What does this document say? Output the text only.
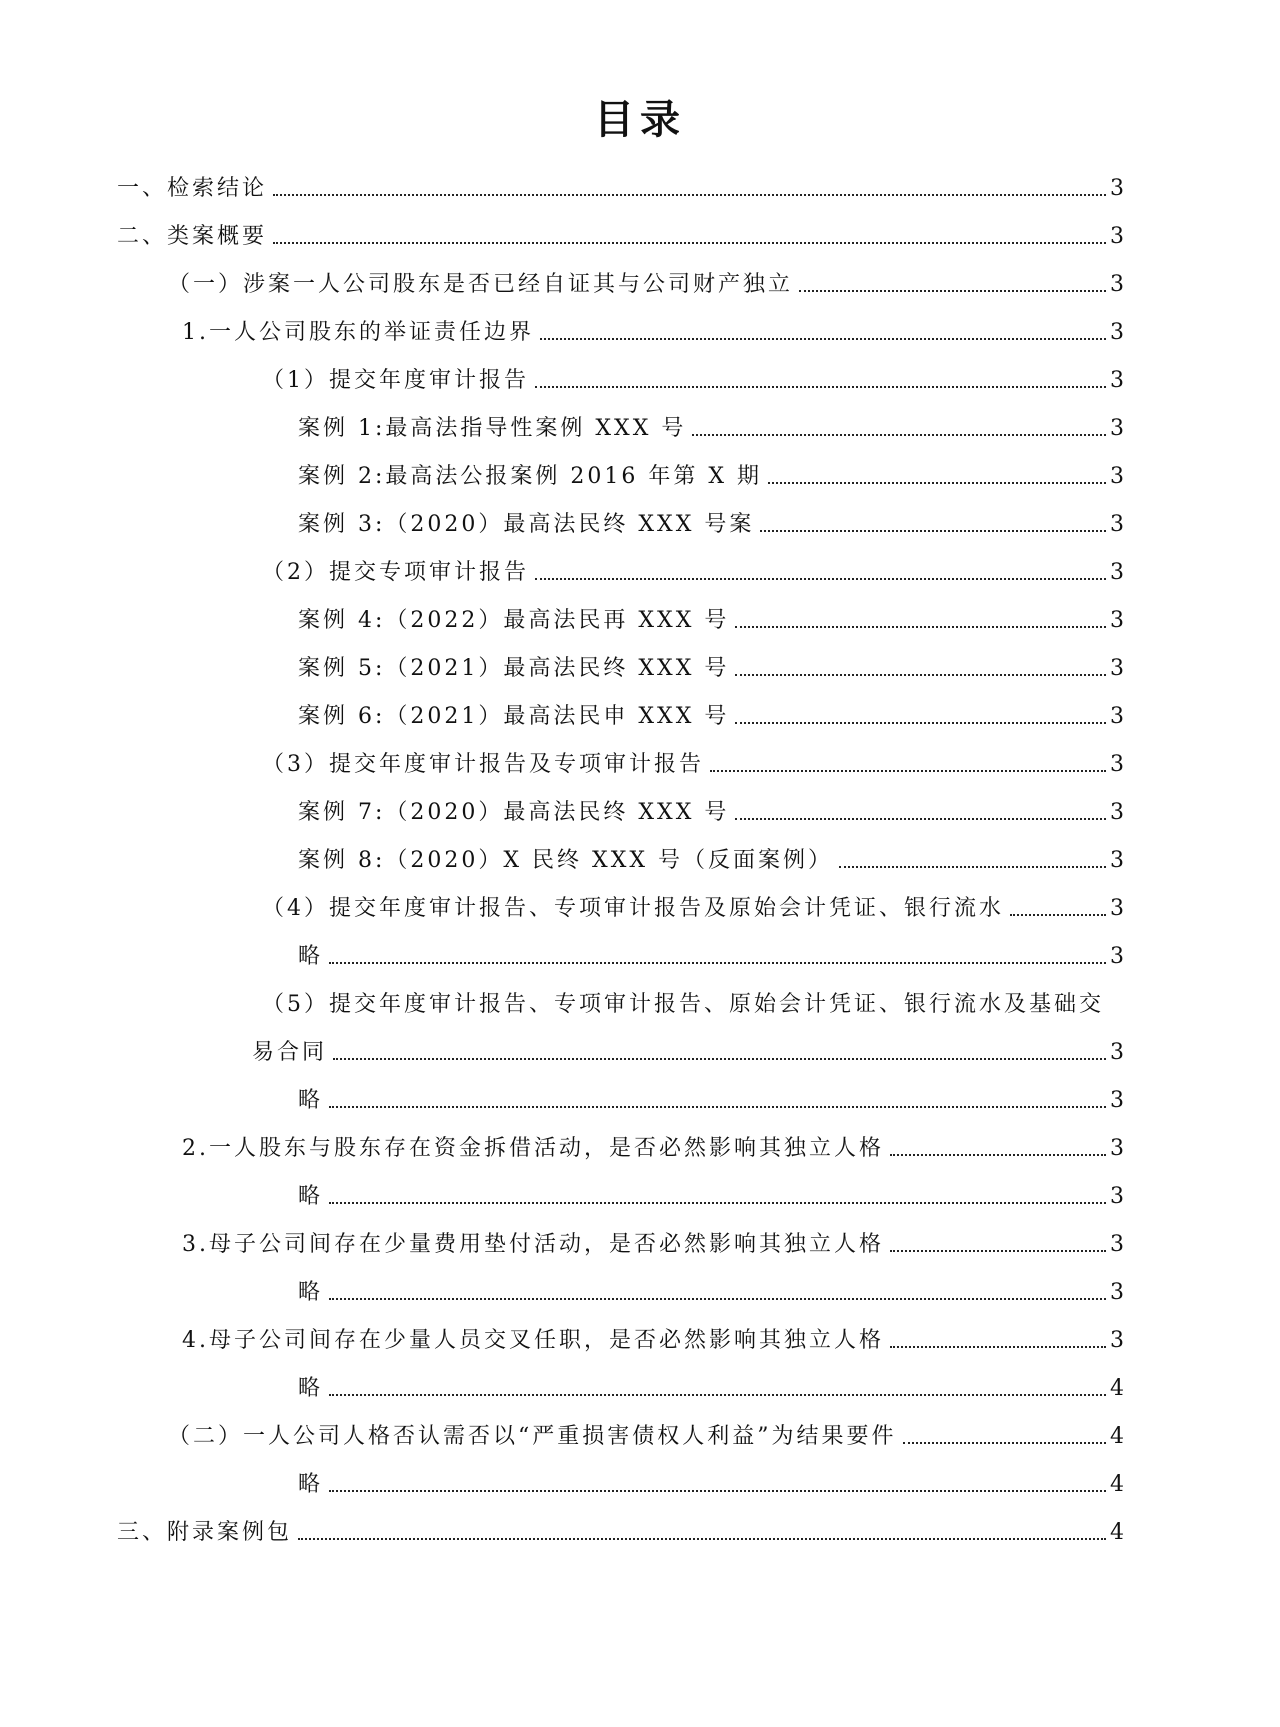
目录
一、检索结论	3
二、类案概要	3
（一）涉案一人公司股东是否已经自证其与公司财产独立	3
1.一人公司股东的举证责任边界	3
（1）提交年度审计报告	3
案例 1:最高法指导性案例 XXX 号	3
案例 2:最高法公报案例 2016 年第 X 期	3
案例 3:（2020）最高法民终 XXX 号案	3
（2）提交专项审计报告	3
案例 4:（2022）最高法民再 XXX 号	3
案例 5:（2021）最高法民终 XXX 号	3
案例 6:（2021）最高法民申 XXX 号	3
（3）提交年度审计报告及专项审计报告	3
案例 7:（2020）最高法民终 XXX 号	3
案例 8:（2020）X 民终 XXX 号（反面案例）	3
（4）提交年度审计报告、专项审计报告及原始会计凭证、银行流水	3
略	3
（5）提交年度审计报告、专项审计报告、原始会计凭证、银行流水及基础交
易合同	3
略	3
2.一人股东与股东存在资金拆借活动，是否必然影响其独立人格	3
略	3
3.母子公司间存在少量费用垫付活动，是否必然影响其独立人格	3
略	3
4.母子公司间存在少量人员交叉任职，是否必然影响其独立人格	3
略	4
（二）一人公司人格否认需否以“严重损害债权人利益”为结果要件	4
略	4
三、附录案例包	4
